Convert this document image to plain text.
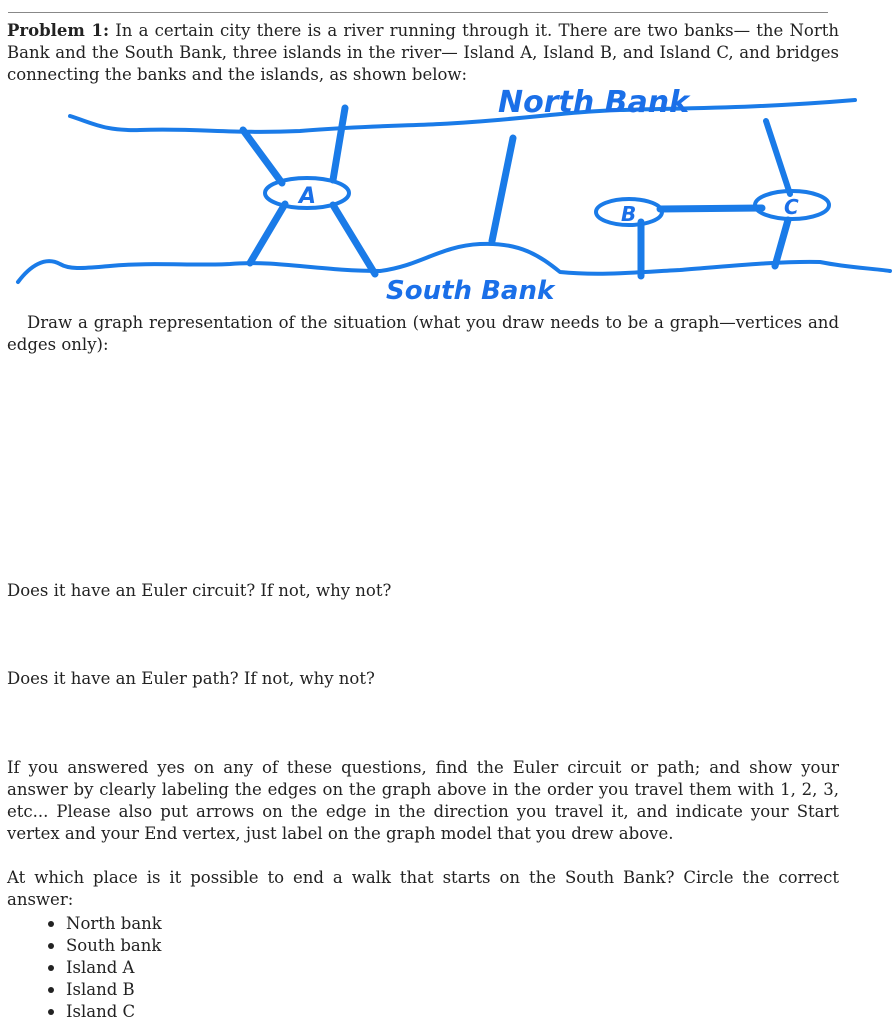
Problem 1: In a certain city there is a river running through it. There are two banks— the North Bank and the South Bank, three islands in the river— Island A, Island B, and Island C, and bridges connecting the banks and the islands, as shown below:
North Bank
South Bank
A
B	C
Draw a graph representation of the situation (what you draw needs to be a graph—vertices and edges only):
Does it have an Euler circuit? If not, why not?
Does it have an Euler path? If not, why not?
If you answered yes on any of these questions, find the Euler circuit or path; and show your answer by clearly labeling the edges on the graph above in the order you travel them with 1, 2, 3, etc... Please also put arrows on the edge in the direction you travel it, and indicate your Start vertex and your End vertex, just label on the graph model that you drew above.
At which place is it possible to end a walk that starts on the South Bank? Circle the correct answer:
North bank
South bank
Island A
Island B
Island C
